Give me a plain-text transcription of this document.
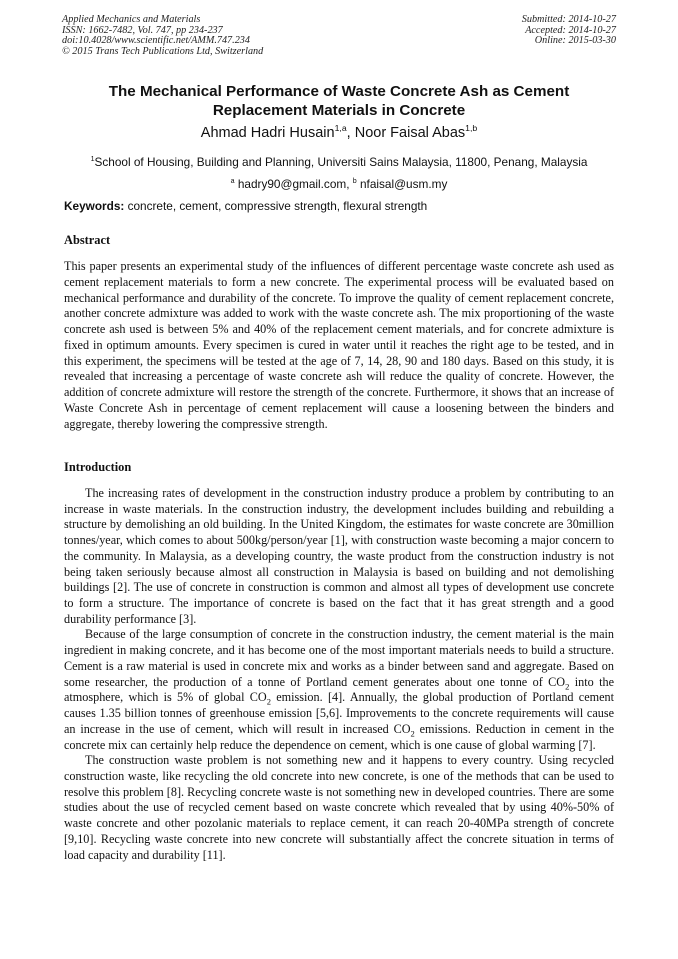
Applied Mechanics and Materials
ISSN: 1662-7482, Vol. 747, pp 234-237
doi:10.4028/www.scientific.net/AMM.747.234
© 2015 Trans Tech Publications Ltd, Switzerland
Submitted: 2014-10-27
Accepted: 2014-10-27
Online: 2015-03-30
The Mechanical Performance of Waste Concrete Ash as Cement
Replacement Materials in Concrete
Ahmad Hadri Husain$^{1,a}$, Noor Faisal Abas$^{1,b}$
$^1$School of Housing, Building and Planning, Universiti Sains Malaysia, 11800, Penang, Malaysia
$^a$ hadry90@gmail.com, $^b$ nfaisal@usm.my
Keywords: concrete, cement, compressive strength, flexural strength
Abstract

This paper presents an experimental study of the influences of different percentage waste concrete ash used as cement replacement materials to form a new concrete. The experimental process will be evaluated based on mechanical performance and durability of the concrete. To improve the quality of cement replacement concrete, another concrete admixture was added to work with the waste concrete ash. The mix proportioning of the waste concrete ash used is between 5% and 40% of the replacement cement materials, and for concrete admixture is fixed in optimum amounts. Every specimen is cured in water until it reaches the right age to be tested, and in this experiment, the specimens will be tested at the age of 7, 14, 28, 90 and 180 days. Based on this study, it is revealed that increasing a percentage of waste concrete ash will reduce the quality of concrete. However, the addition of concrete admixture will restore the strength of the concrete. Furthermore, it shows that an increase of Waste Concrete Ash in percentage of cement replacement will cause a loosening between the binders and aggregate, thereby lowering the compressive strength.

Introduction

The increasing rates of development in the construction industry produce a problem by contributing to an increase in waste materials. In the construction industry, the development includes building and rebuilding a structure by demolishing an old building. In the United Kingdom, the estimates for waste concrete are 30million tonnes/year, which comes to about 500kg/person/year [1], with construction waste becoming a major concern to the community. In Malaysia, as a developing country, the waste product from the construction industry is not being taken seriously because almost all construction in Malaysia is based on building and not demolishing buildings [2]. The use of concrete in construction is common and almost all types of development use concrete to form a structure. The importance of concrete is based on the fact that it has great strength and a good durability performance [3].

Because of the large consumption of concrete in the construction industry, the cement material is the main ingredient in making concrete, and it has become one of the most important materials needs to build a structure. Cement is a raw material is used in concrete mix and works as a binder between sand and aggregate. Based on some researcher, the production of a tonne of Portland cement generates about one tonne of $CO_2$ into the atmosphere, which is 5% of global $CO_2$ emission. [4]. Annually, the global production of Portland cement causes 1.35 billion tonnes of greenhouse emission [5,6]. Improvements to the concrete requirements will cause an increase in the use of cement, which will result in increased $CO_2$ emissions. Reduction in cement in the concrete mix can certainly help reduce the dependence on cement, which is one cause of global warming [7].

The construction waste problem is not something new and it happens to every country. Using recycled construction waste, like recycling the old concrete into new concrete, is one of the methods that can be used to resolve this problem [8]. Recycling concrete waste is not something new in developed countries. There are some studies about the use of recycled cement based on waste concrete which revealed that by using 40%-50% of waste concrete and other pozolanic materials to replace cement, it can reach 20-40MPa strength of concrete [9,10]. Recycling waste concrete into new concrete will substantially affect the concrete situation in terms of load capacity and durability [11].
